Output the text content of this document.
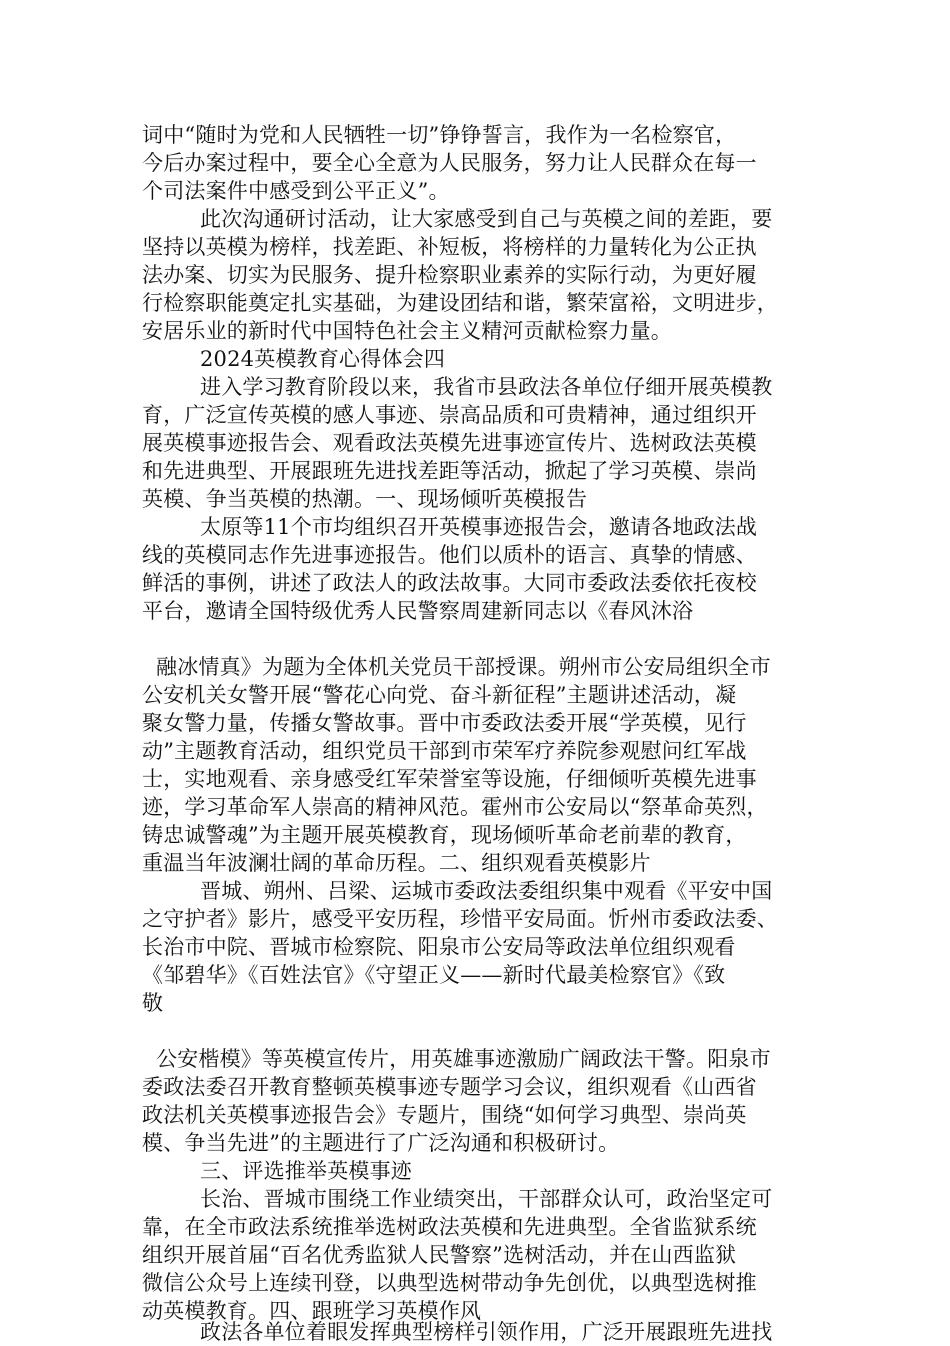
词中“随时为党和人民牺牲一切”铮铮誓言，我作为一名检察官，
今后办案过程中，要全心全意为人民服务，努力让人民群众在每一
个司法案件中感受到公平正义”。
此次沟通研讨活动，让大家感受到自己与英模之间的差距，要
坚持以英模为榜样，找差距、补短板，将榜样的力量转化为公正执
法办案、切实为民服务、提升检察职业素养的实际行动，为更好履
行检察职能奠定扎实基础，为建设团结和谐，繁荣富裕，文明进步，
安居乐业的新时代中国特色社会主义精河贡献检察力量。
2024英模教育心得体会四
进入学习教育阶段以来，我省市县政法各单位仔细开展英模教
育，广泛宣传英模的感人事迹、崇高品质和可贵精神，通过组织开
展英模事迹报告会、观看政法英模先进事迹宣传片、选树政法英模
和先进典型、开展跟班先进找差距等活动，掀起了学习英模、崇尚
英模、争当英模的热潮。一、现场倾听英模报告
太原等11个市均组织召开英模事迹报告会，邀请各地政法战
线的英模同志作先进事迹报告。他们以质朴的语言、真挚的情感、
鲜活的事例，讲述了政法人的政法故事。大同市委政法委依托夜校
平台，邀请全国特级优秀人民警察周建新同志以《春风沐浴
融冰情真》为题为全体机关党员干部授课。朔州市公安局组织全市
公安机关女警开展“警花心向党、奋斗新征程”主题讲述活动，凝
聚女警力量，传播女警故事。晋中市委政法委开展“学英模，见行
动”主题教育活动，组织党员干部到市荣军疗养院参观慰问红军战
士，实地观看、亲身感受红军荣誉室等设施，仔细倾听英模先进事
迹，学习革命军人崇高的精神风范。霍州市公安局以“祭革命英烈，
铸忠诚警魂”为主题开展英模教育，现场倾听革命老前辈的教育，
重温当年波澜壮阔的革命历程。二、组织观看英模影片
晋城、朔州、吕梁、运城市委政法委组织集中观看《平安中国
之守护者》影片，感受平安历程，珍惜平安局面。忻州市委政法委、
长治市中院、晋城市检察院、阳泉市公安局等政法单位组织观看
《邹碧华》《百姓法官》《守望正义——新时代最美检察官》《致
敬
公安楷模》等英模宣传片，用英雄事迹激励广阔政法干警。阳泉市
委政法委召开教育整顿英模事迹专题学习会议，组织观看《山西省
政法机关英模事迹报告会》专题片，围绕“如何学习典型、崇尚英
模、争当先进”的主题进行了广泛沟通和积极研讨。
三、评选推举英模事迹
长治、晋城市围绕工作业绩突出，干部群众认可，政治坚定可
靠，在全市政法系统推举选树政法英模和先进典型。全省监狱系统
组织开展首届“百名优秀监狱人民警察”选树活动，并在山西监狱
微信公众号上连续刊登，以典型选树带动争先创优，以典型选树推
动英模教育。四、跟班学习英模作风
政法各单位着眼发挥典型榜样引领作用，广泛开展跟班先进找
